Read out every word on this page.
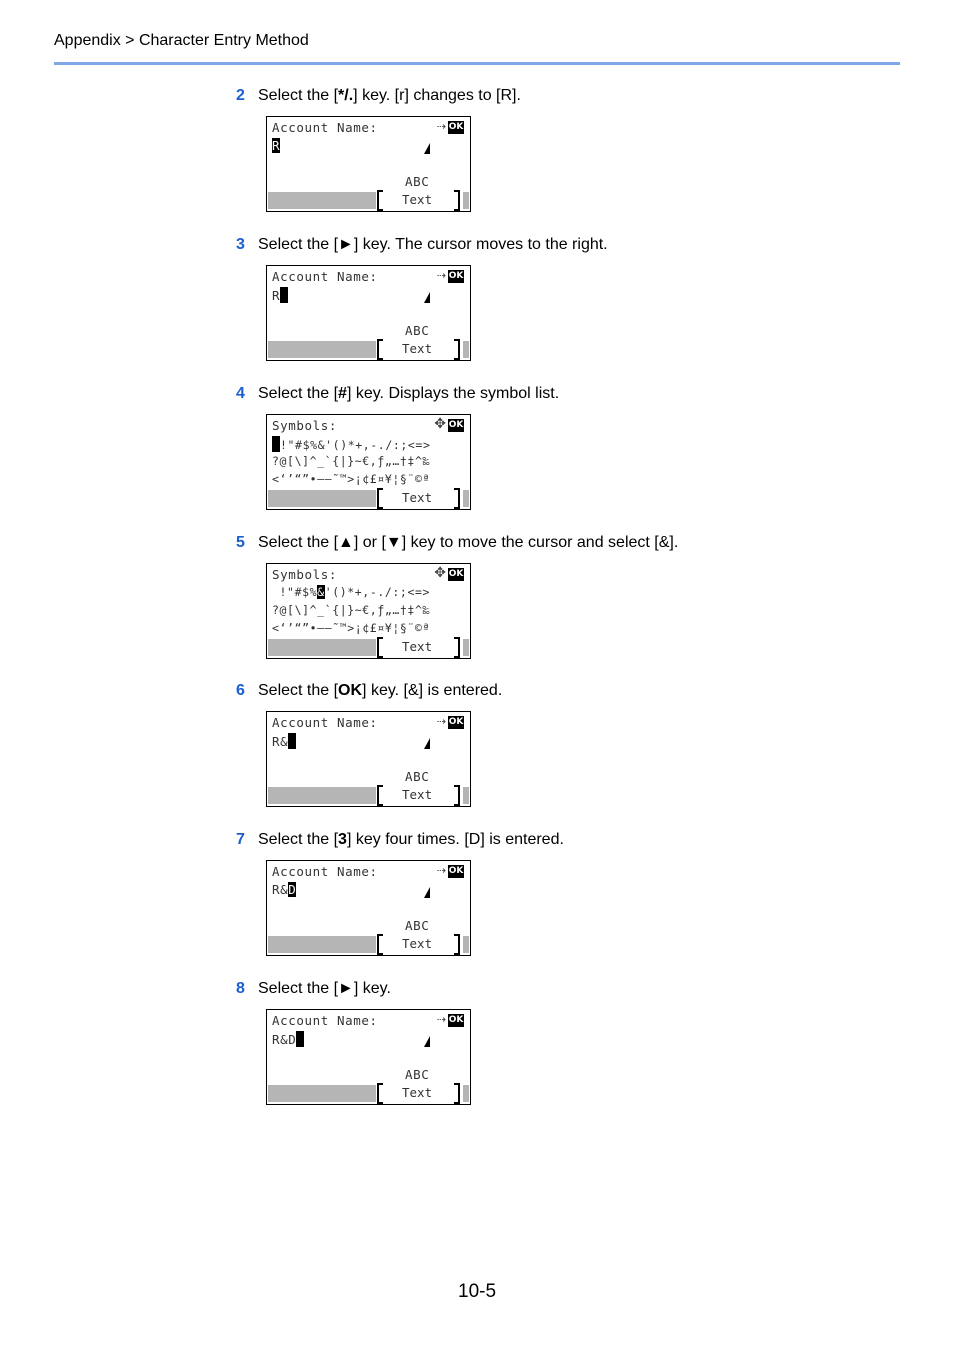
Appendix > Character Entry Method
2 Select the [*/.] key. [r] changes to [R].
Account Name:	⇢ OK
R
ABC
Text
3 Select the [►] key. The cursor moves to the right.
Account Name:	⇢ OK
R
ABC
Text
4 Select the [#] key. Displays the symbol list.
Symbols:	✥ OK
!"#$%&'()*+,-./:;<=>
?@[\]^_`{|}~€,ƒ„…†‡^‰
<‘’“”•–—˜™>¡¢£¤¥¦§¨©ª
Text
5 Select the [▲] or [▼] key to move the cursor and select [&].
Symbols:	✥ OK
!"#$%&'()*+,-./:;<=>
?@[\]^_`{|}~€,ƒ„…†‡^‰
<‘’“”•–—˜™>¡¢£¤¥¦§¨©ª
Text
6 Select the [OK] key. [&] is entered.
Account Name:	⇢ OK
R&
ABC
Text
7 Select the [3] key four times. [D] is entered.
Account Name:	⇢ OK
R&D
ABC
Text
8 Select the [►] key.
Account Name:	⇢ OK
R&D
ABC
Text
10-5
